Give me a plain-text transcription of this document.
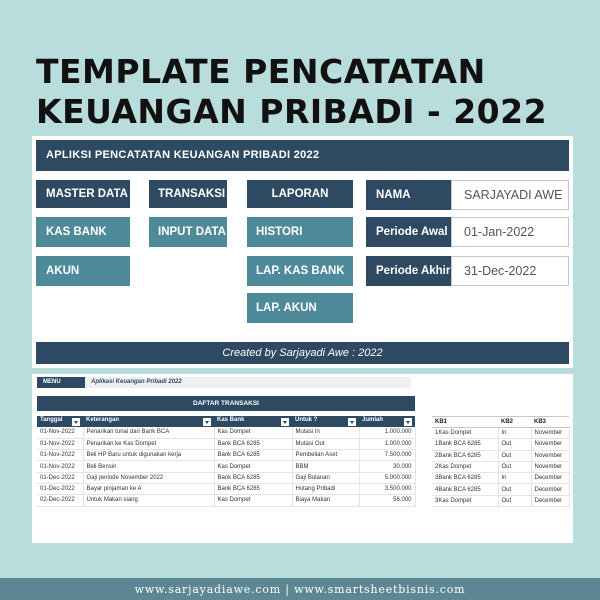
TEMPLATE PENCATATAN
KEUANGAN PRIBADI - 2022
APLIKSI PENCATATAN KEUANGAN PRIBADI 2022
MASTER DATA	TRANSAKSI	LAPORAN
KAS BANK	INPUT DATA	HISTORI
AKUN	LAP. KAS BANK
LAP. AKUN
NAMA	SARJAYADI AWE
Periode Awal	01-Jan-2022
Periode Akhir	31-Dec-2022
Created by Sarjayadi Awe : 2022
MENU	Aplikasi Keuangan Pribadi 2022
DAFTAR TRANSAKSI
Tanggal	Keterangan	Kas Bank	Untuk ?	Jumlah

01-Nov-2022	Penarikan tunai dari Bank BCA	Kas Dompet	Mutasi In	1.000.000
01-Nov-2022	Penarikan ke Kas Dompet	Bank BCA 6285	Mutasi Out	1.000.000
01-Nov-2022	Beli HP Baru untuk digunakan kerja	Bank BCA 6285	Pembelian Aset	7.500.000
01-Nov-2022	Beli Bensin	Kas Dompet	BBM	30.000
01-Dec-2022	Gaji periode November 2022	Bank BCA 6285	Gaji Bulanan	5.000.000
01-Dec-2022	Bayar pinjaman ke A	Bank BCA 6285	Hutang Pribadi	3.500.000
02-Dec-2022	Untuk Makan siang	Kas Dompet	Biaya Makan	56.000
KB1	KB2	KB3
1Kas Dompet	In	November
1Bank BCA 6285	Out	November
2Bank BCA 6285	Out	November
2Kas Dompet	Out	November
3Bank BCA 6285	In	December
4Bank BCA 6285	Out	December
3Kas Dompet	Out	December
www.sarjayadiawe.com | www.smartsheetbisnis.com
